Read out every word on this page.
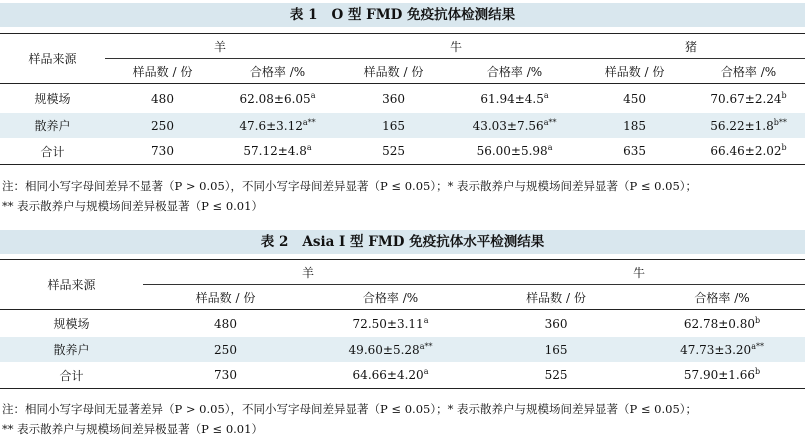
表 1 O 型 FMD 免疫抗体检测结果
样品来源	羊		牛		猪	
	样品数 / 份	合格率 /%	样品数 / 份	合格率 /%	样品数 / 份	合格率 /%
规模场	480	62.08±6.05$^a$	360	61.94±4.5$^a$	450	70.67±2.24$^b$
散养户	250	$47.6\pm 3.12^{a**}$	165	$43.03\pm 7.56^{a**}$	185	$56.22\pm 1.8^{b**}$
合计	730	57.12±4.8$^a$	525	56.00±5.98$^a$	635	66.46±2.02$^b$
注：相同小写字母间差异不显著（P > 0.05），不同小写字母间差异显著（P ≤ 0.05）；* 表示散养户与规模场间差异显著（P ≤ 0.05）；
** 表示散养户与规模场间差异极显著（P ≤ 0.01）
表 2 Asia I 型 FMD 免疫抗体水平检测结果
样品来源	羊		牛	
	样品数 / 份	合格率 /%	样品数 / 份	合格率 /%
规模场	480	72.50±3.11$^a$	360	62.78±0.80$^b$
散养户	250	$49.60\pm 5.28^{a**}$	165	$47.73\pm 3.20^{a**}$
合计	730	64.66±4.20$^a$	525	57.90±1.66$^b$
注：相同小写字母间无显著差异（P > 0.05），不同小写字母间差异显著（P ≤ 0.05）；* 表示散养户与规模场间差异显著（P ≤ 0.05）；
** 表示散养户与规模场间差异极显著（P ≤ 0.01）
